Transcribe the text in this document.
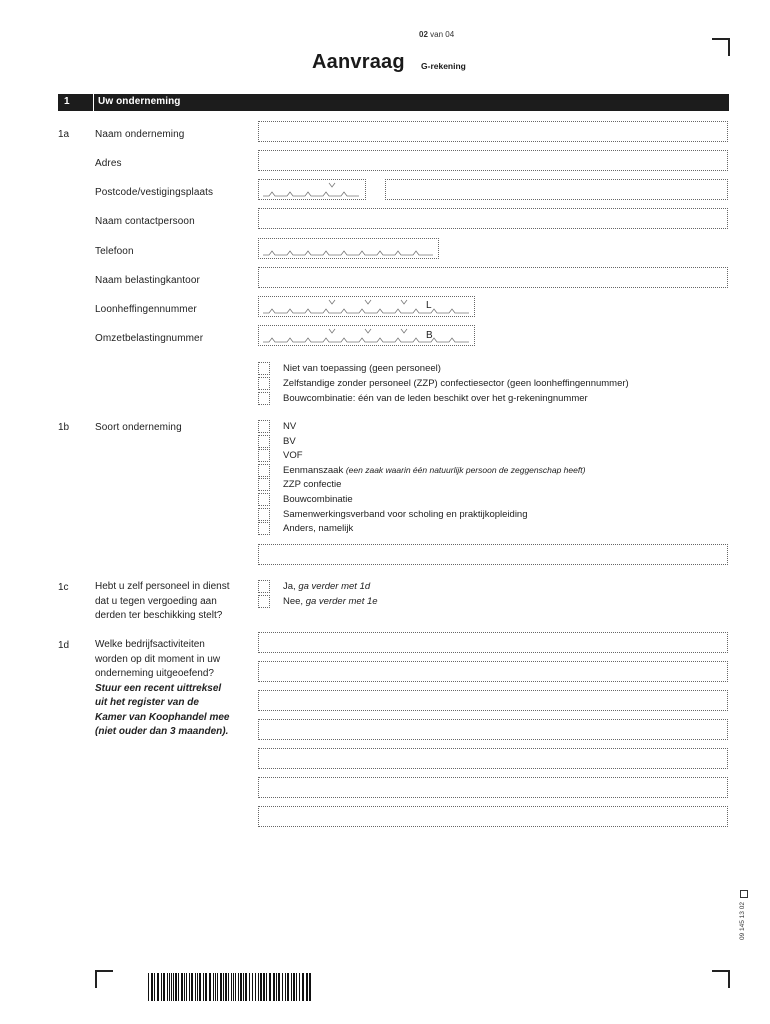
02 van 04
Aanvraag G-rekening
1	Uw onderneming
1a	Naam onderneming
Adres
Postcode/vestigingsplaats
Naam contactpersoon
Telefoon
Naam belastingkantoor
Loonheffingennummer	L
Omzetbelastingnummer	B
Niet van toepassing (geen personeel)
Zelfstandige zonder personeel (ZZP) confectiesector (geen loonheffingennummer)
Bouwcombinatie: één van de leden beschikt over het g-rekeningnummer
1b	Soort onderneming	NV
BV
VOF
Eenmanszaak (een zaak waarin één natuurlijk persoon de zeggenschap heeft)
ZZP confectie
Bouwcombinatie
Samenwerkingsverband voor scholing en praktijkopleiding
Anders, namelijk
1c	Hebt u zelf personeel in dienst
dat u tegen vergoeding aan
derden ter beschikking stelt?
Ja, ga verder met 1d
Nee, ga verder met 1e
1d	Welke bedrijfsactiviteiten
worden op dit moment in uw
onderneming uitgeoefend?
Stuur een recent uittreksel
uit het register van de
Kamer van Koophandel mee
(niet ouder dan 3 maanden).
09 145 13 02
